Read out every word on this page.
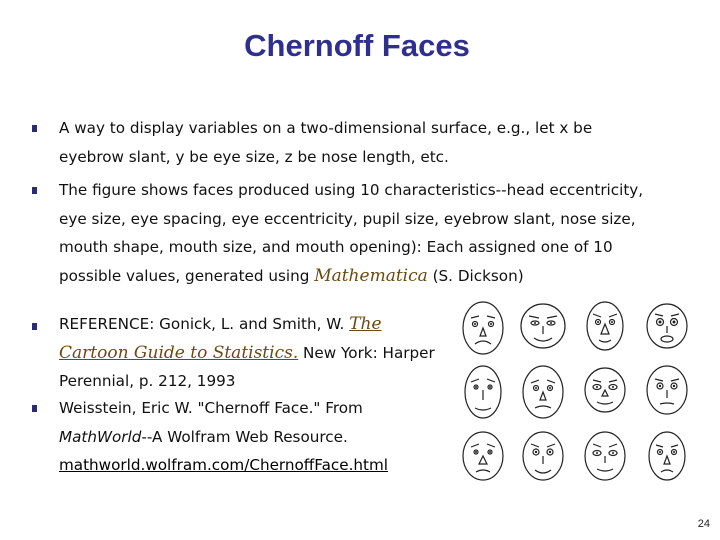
Chernoff Faces
A way to display variables on a two-dimensional surface, e.g., let x be
eyebrow slant, y be eye size, z be nose length, etc.
The figure shows faces produced using 10 characteristics--head eccentricity,
eye size, eye spacing, eye eccentricity, pupil size, eyebrow slant, nose size,
mouth shape, mouth size, and mouth opening): Each assigned one of 10
possible values, generated using Mathematica (S. Dickson)
REFERENCE: Gonick, L. and Smith, W. The
Cartoon Guide to Statistics. New York: Harper
Perennial, p. 212, 1993
Weisstein, Eric W. "Chernoff Face." From
MathWorld--A Wolfram Web Resource.
mathworld.wolfram.com/ChernoffFace.html
24
